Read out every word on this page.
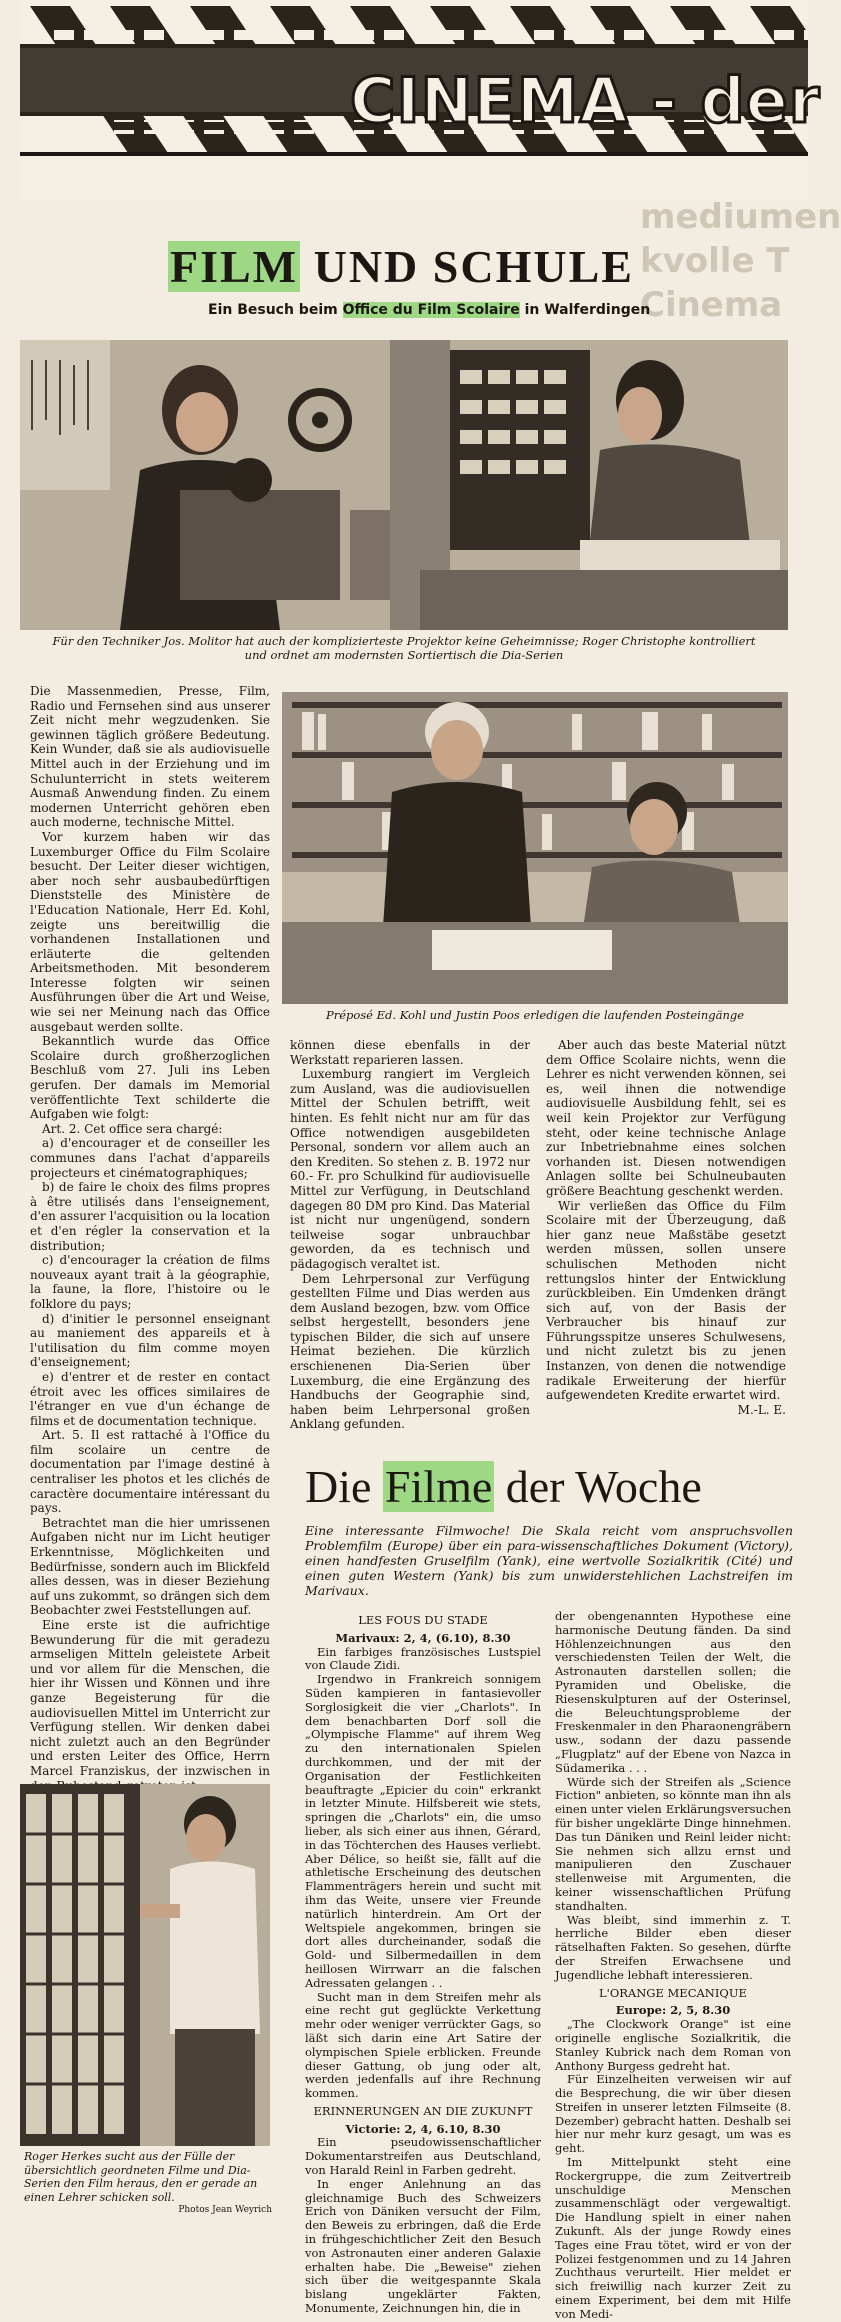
CINEMA - der
mediumen
kvolle T
Cinema
FILM UND SCHULE
Ein Besuch beim Office du Film Scolaire in Walferdingen
Für den Techniker Jos. Molitor hat auch der komplizierteste Projektor keine Geheimnisse; Roger Christophe kontrolliert
und ordnet am modernsten Sortiertisch die Dia-Serien

Die Massenmedien, Presse, Film, Radio und Fernsehen sind aus unserer Zeit nicht mehr wegzudenken. Sie gewinnen täglich größere Bedeutung. Kein Wunder, daß sie als audiovisuelle Mittel auch in der Erziehung und im Schulunterricht in stets weiterem Ausmaß Anwendung finden. Zu einem modernen Unterricht gehören eben auch moderne, technische Mittel.

Vor kurzem haben wir das Luxemburger Office du Film Scolaire besucht. Der Leiter dieser wichtigen, aber noch sehr ausbaubedürftigen Dienststelle des Ministère de l'Education Nationale, Herr Ed. Kohl, zeigte uns bereitwillig die vorhandenen Installationen und erläuterte die geltenden Arbeitsmethoden. Mit besonderem Interesse folgten wir seinen Ausführungen über die Art und Weise, wie sei ner Meinung nach das Office ausgebaut werden sollte.

Bekanntlich wurde das Office Scolaire durch großherzoglichen Beschluß vom 27. Juli ins Leben gerufen. Der damals im Memorial veröffentlichte Text schilderte die Aufgaben wie folgt:

Art. 2. Cet office sera chargé:

a) d'encourager et de conseiller les communes dans l'achat d'appareils projecteurs et cinématographiques;

b) de faire le choix des films propres à être utilisés dans l'enseignement, d'en assurer l'acquisition ou la location et d'en régler la conservation et la distribution;

c) d'encourager la création de films nouveaux ayant trait à la géographie, la faune, la flore, l'histoire ou le folklore du pays;

d) d'initier le personnel enseignant au maniement des appareils et à l'utilisation du film comme moyen d'enseignement;

e) d'entrer et de rester en contact étroit avec les offices similaires de l'étranger en vue d'un échange de films et de documentation technique.

Art. 5. Il est rattaché à l'Office du film scolaire un centre de documentation par l'image destiné à centraliser les photos et les clichés de caractère documentaire intéressant du pays.

Betrachtet man die hier umrissenen Aufgaben nicht nur im Licht heutiger Erkenntnisse, Möglichkeiten und Bedürfnisse, sondern auch im Blickfeld alles dessen, was in dieser Beziehung auf uns zukommt, so drängen sich dem Beobachter zwei Feststellungen auf.

Eine erste ist die aufrichtige Bewunderung für die mit geradezu armseligen Mitteln geleistete Arbeit und vor allem für die Menschen, die hier ihr Wissen und Können und ihre ganze Begeisterung für die audiovisuellen Mittel im Unterricht zur Verfügung stellen. Wir denken dabei nicht zuletzt auch an den Begründer und ersten Leiter des Office, Herrn Marcel Franziskus, der inzwischen in

Préposé Ed. Kohl und Justin Poos erledigen die laufenden Posteingänge

können diese ebenfalls in der Werkstatt reparieren lassen.

Luxemburg rangiert im Vergleich zum Ausland, was die audiovisuellen Mittel der Schulen betrifft, weit hinten. Es fehlt nicht nur am für das Office notwendigen ausgebildeten Personal, sondern vor allem auch an den Krediten. So stehen z. B. 1972 nur 60.- Fr. pro Schulkind für audiovisuelle Mittel zur Verfügung, in Deutschland dagegen 80 DM pro Kind. Das Material ist nicht nur ungenügend, sondern teilweise sogar unbrauchbar geworden, da es technisch und pädagogisch veraltet ist.

Dem Lehrpersonal zur Verfügung gestellten Filme und Dias werden aus dem Ausland bezogen, bzw. vom Office selbst hergestellt, besonders jene typischen Bilder, die sich auf unsere Heimat beziehen. Die kürzlich erschienenen Dia-Serien über Luxemburg, die eine Ergänzung des Handbuchs der Geographie sind, haben beim Lehrpersonal großen Anklang gefunden.

Aber auch das beste Material nützt dem Office Scolaire nichts, wenn die Lehrer es nicht verwenden können, sei es, weil ihnen die notwendige audiovisuelle Ausbildung fehlt, sei es weil kein Projektor zur Verfügung steht, oder keine technische Anlage zur Inbetriebnahme eines solchen vorhanden ist. Diesen notwendigen Anlagen sollte bei Schulneubauten größere Beachtung geschenkt werden.

Wir verließen das Office du Film Scolaire mit der Überzeugung, daß hier ganz neue Maßstäbe gesetzt werden müssen, sollen unsere schulischen Methoden nicht rettungslos hinter der Entwicklung zurückbleiben. Ein Umdenken drängt sich auf, von der Basis der Verbraucher bis hinauf zur Führungsspitze unseres Schulwesens, und nicht zuletzt bis zu jenen Instanzen, von denen die notwendige radikale Erweiterung der hierfür aufgewendeten Kredite erwartet wird.

M.-L. E.

Die Filme der Woche
Eine interessante Filmwoche! Die Skala reicht vom anspruchsvollen Problemfilm (Europe) über ein para-wissenschaftliches Dokument (Victory), einen handfesten Gruselfilm (Yank), eine wertvolle Sozialkritik (Cité) und einen guten Western (Yank) bis zum unwiderstehlichen Lachstreifen im Marivaux.

LES FOUS DU STADE

Marivaux: 2, 4, (6.10), 8.30

Ein farbiges französisches Lustspiel von Claude Zidi.

Irgendwo in Frankreich sonnigem Süden kampieren in fantasievoller Sorglosigkeit die vier „Charlots". In dem benachbarten Dorf soll die „Olympische Flamme" auf ihrem Weg zu den internationalen Spielen durchkommen, und der mit der Organisation der Festlichkeiten beauftragte „Epicier du coin" erkrankt in letzter Minute. Hilfsbereit wie stets, springen die „Charlots" ein, die umso lieber, als sich einer aus ihnen, Gérard, in das Töchterchen des Hauses verliebt. Aber Délice, so heißt sie, fällt auf die athletische Erscheinung des deutschen Flammenträgers herein und sucht mit ihm das Weite, unsere vier Freunde natürlich hinterdrein. Am Ort der Weltspiele angekommen, bringen sie dort alles durcheinander, sodaß die Gold- und Silbermedaillen in dem heillosen Wirrwarr an die falschen Adressaten gelangen . .

Sucht man in dem Streifen mehr als eine recht gut geglückte Verkettung mehr oder weniger verrückter Gags, so läßt sich darin eine Art Satire der olympischen Spiele erblicken. Freunde dieser Gattung, ob jung oder alt, werden jedenfalls auf ihre Rechnung kommen.

ERINNERUNGEN AN DIE ZUKUNFT

Victorie: 2, 4, 6.10, 8.30

Ein pseudowissenschaftlicher Dokumentarstreifen aus Deutschland, von Harald Reinl in Farben gedreht.

In enger Anlehnung an das gleichnamige Buch des Schweizers Erich von Däniken versucht der Film, den Beweis zu erbringen, daß die Erde in frühgeschichtlicher Zeit den Besuch von Astronauten einer anderen Galaxie erhalten habe. Die „Beweise" ziehen sich über die weitgespannte Skala bislang ungeklärter Fakten, Monumente, Zeichnungen hin, die in

der obengenannten Hypothese eine harmonische Deutung fänden. Da sind Höhlenzeichnungen aus den verschiedensten Teilen der Welt, die Astronauten darstellen sollen; die Pyramiden und Obeliske, die Riesenskulpturen auf der Osterinsel, die Beleuchtungsprobleme der Freskenmaler in den Pharaonengräbern usw., sodann der dazu passende „Flugplatz" auf der Ebene von Nazca in Südamerika . . .

Würde sich der Streifen als „Science Fiction" anbieten, so könnte man ihn als einen unter vielen Erklärungsversuchen für bisher ungeklärte Dinge hinnehmen. Das tun Däniken und Reinl leider nicht: Sie nehmen sich allzu ernst und manipulieren den Zuschauer stellenweise mit Argumenten, die keiner wissenschaftlichen Prüfung standhalten.

Was bleibt, sind immerhin z. T. herrliche Bilder eben dieser rätselhaften Fakten. So gesehen, dürfte der Streifen Erwachsene und Jugendliche lebhaft interessieren.

L'ORANGE MECANIQUE

Europe: 2, 5, 8.30

„The Clockwork Orange" ist eine originelle englische Sozialkritik, die Stanley Kubrick nach dem Roman von Anthony Burgess gedreht hat.

Für Einzelheiten verweisen wir auf die Besprechung, die wir über diesen Streifen in unserer letzten Filmseite (8. Dezember) gebracht hatten. Deshalb sei hier nur mehr kurz gesagt, um was es geht.

Im Mittelpunkt steht eine Rockergruppe, die zum Zeitvertreib unschuldige Menschen zusammenschlägt oder vergewaltigt. Die Handlung spielt in einer nahen Zukunft. Als der junge Rowdy eines Tages eine Frau tötet, wird er von der Polizei festgenommen und zu 14 Jahren Zuchthaus verurteilt. Hier meldet er sich freiwillig nach kurzer Zeit zu einem Experiment, bei dem mit Hilfe von Medi-

Roger Herkes sucht aus der Fülle der übersichtlich geordneten Filme und Dia-Serien den Film heraus, den er gerade an einen Lehrer schicken soll.
Photos Jean Weyrich
